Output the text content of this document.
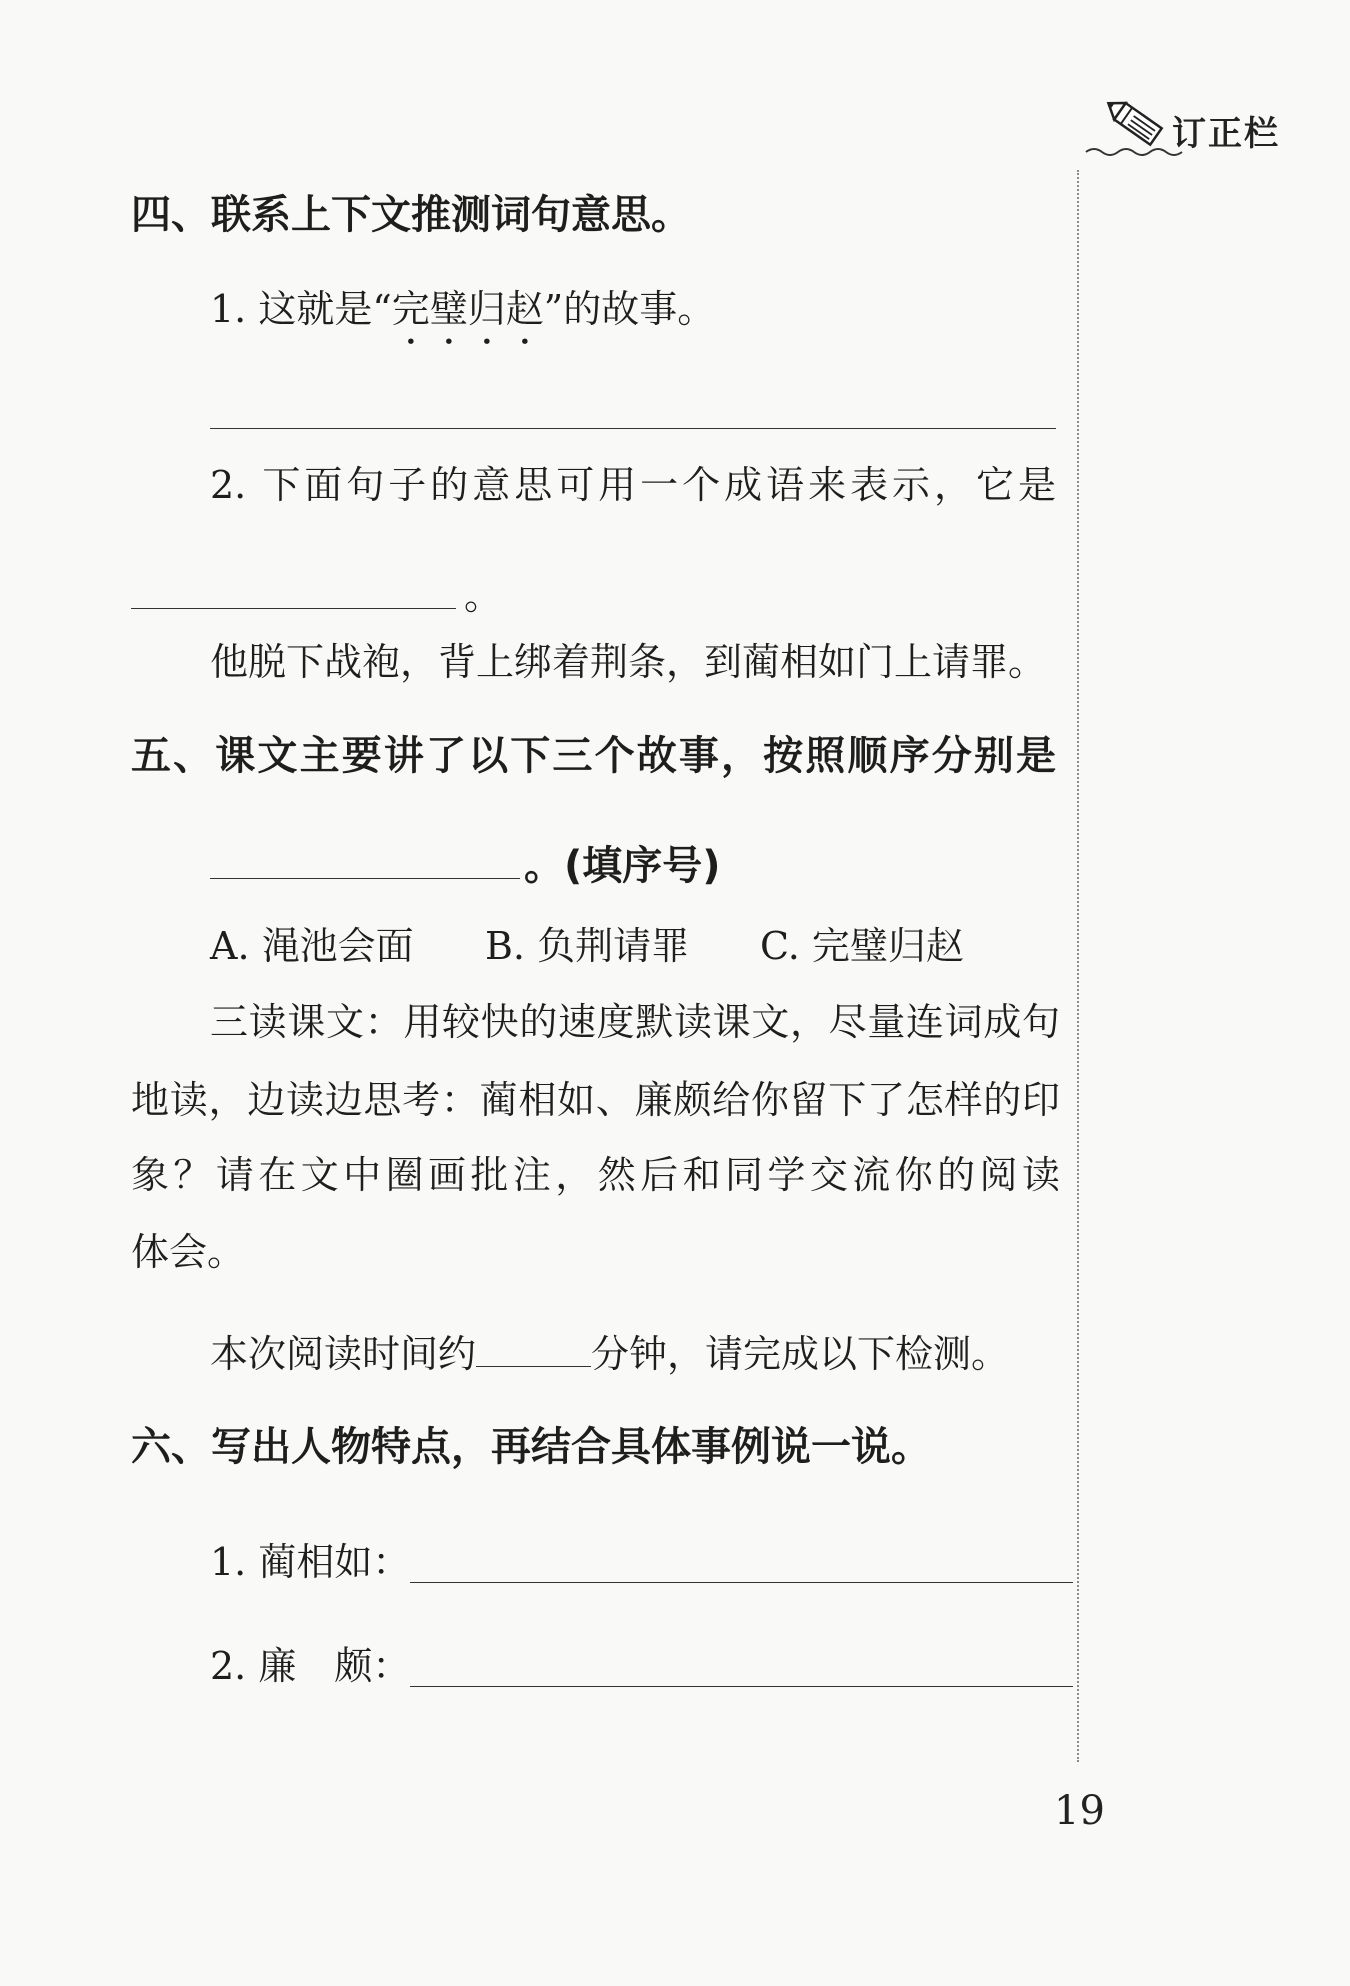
订正栏
四、联系上下文推测词句意思。
1. 这就是“完璧归赵”的故事。
2. 下面句子的意思可用一个成语来表示，它是
。
他脱下战袍，背上绑着荆条，到蔺相如门上请罪。
五、课文主要讲了以下三个故事，按照顺序分别是
。(填序号)
A. 渑池会面 B. 负荆请罪 C. 完璧归赵
三读课文：用较快的速度默读课文，尽量连词成句
地读，边读边思考：蔺相如、廉颇给你留下了怎样的印
象？请在文中圈画批注，然后和同学交流你的阅读
体会。
本次阅读时间约	分钟，请完成以下检测。
六、写出人物特点，再结合具体事例说一说。
1. 蔺相如：
2. 廉　颇：
19
